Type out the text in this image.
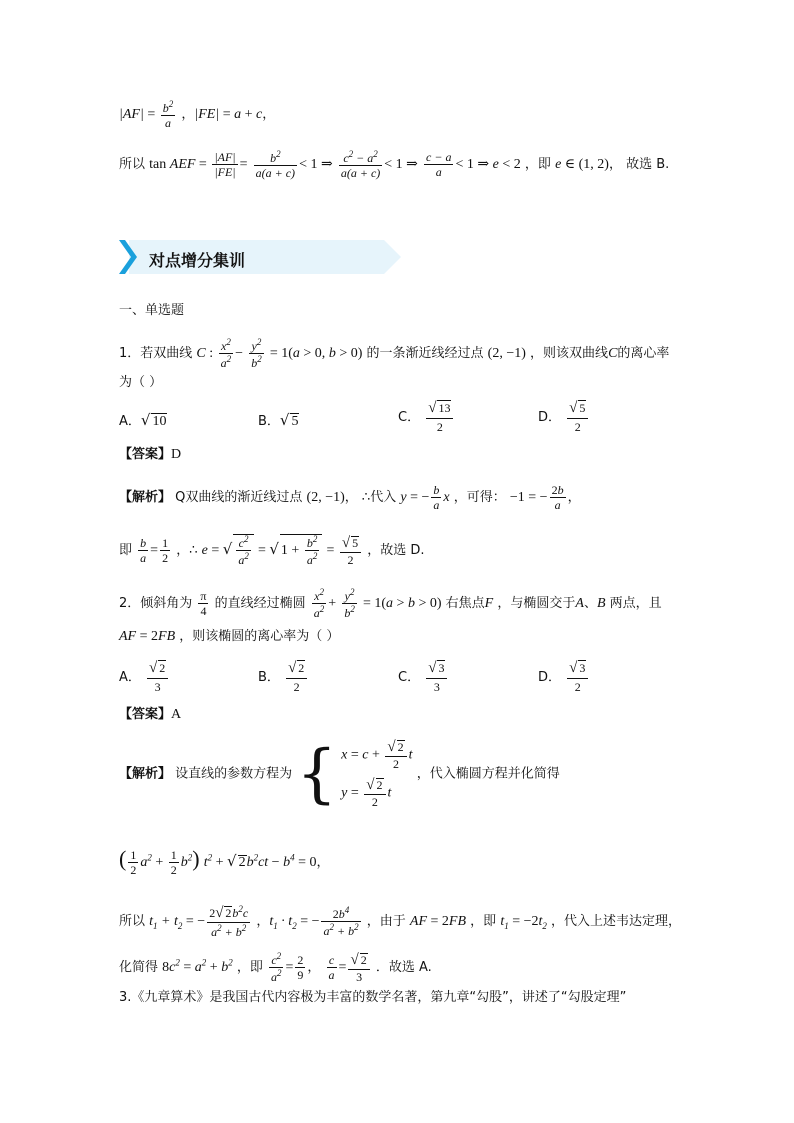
$|AF| = \frac{b^2}{a}$ ，|FE| = a + c，
所以 tan AEF = $\frac{|AF|}{|FE|} = \frac{b^2}{a(a + c)} < 1$ ⇒ $\frac{c^2 - a^2}{a(a + c)} < 1$ ⇒ $\frac{c - a}{a} < 1$ ⇒ e < 2 ，即 e ∈ (1, 2)， 故选 B.
对点增分集训
一、单选题
1．若双曲线 C : $\frac{x^2}{a^2} - \frac{y^2}{b^2} = 1(a > 0$, b > 0) 的一条渐近线经过点 (2, −1) ，则该双曲线C的离心率
为（ ）
A．√ 10	B．√ 5	C． $\frac{√ 13}{2}$	D． $\frac{√ 5}{2}$
【答案】D
【解析】 Q双曲线的渐近线过点 (2, −1)， ∴代入 y = − $\frac{b}{a}$ x ，可得： −1 = − $\frac{2b}{a}$ ，
即 $\frac{b}{a} = \frac{1}{2}$ ，∴ e = √ $\frac{c^2}{a^2}$ = √ $1 + \frac{b^2}{a^2} = \frac{√ 5}{2}$ ，故选 D.
2．倾斜角为 $\frac{\pi}{4}$ 的直线经过椭圆 $\frac{x^2}{a^2} + \frac{y^2}{b^2} = 1(a > b > 0)$ 右焦点F ，与椭圆交于A、B 两点，且
AF = 2FB ，则该椭圆的离心率为（ ）
A． $\frac{√ 2}{3}$	B． $\frac{√ 2}{2}$	C． $\frac{√ 3}{3}$	D． $\frac{√ 3}{2}$
【答案】A
【解析】 设直线的参数方程为 { $x = c + \frac{√ 2}{2}$ t
$y = \frac{√ 2}{2}$ t
，代入椭圆方程并化简得
( $\frac{1}{2} a^2 + \frac{1}{2} b^2$) $t^2$ + √ $2b^2ct - b^4 = 0$，
所以 $t_1 + t_2$ = − $\frac{2√ 2b^2c}{a^2 + b^2}$ ，$t_1 \cdot t_2$ = − $\frac{2b^4}{a^2 + b^2}$ ，由于 AF = 2FB ，即 $t_1 = -2t_2$ ，代入上述韦达定理，
化简得 $8c^2 = a^2 + b^2$ ，即 $\frac{c^2}{a^2} = \frac{2}{9}$ ， $\frac{c}{a} = \frac{√ 2}{3}$ ．故选 A.
3.《九章算术》是我国古代内容极为丰富的数学名著，第九章“勾股”，讲述了“勾股定理”
